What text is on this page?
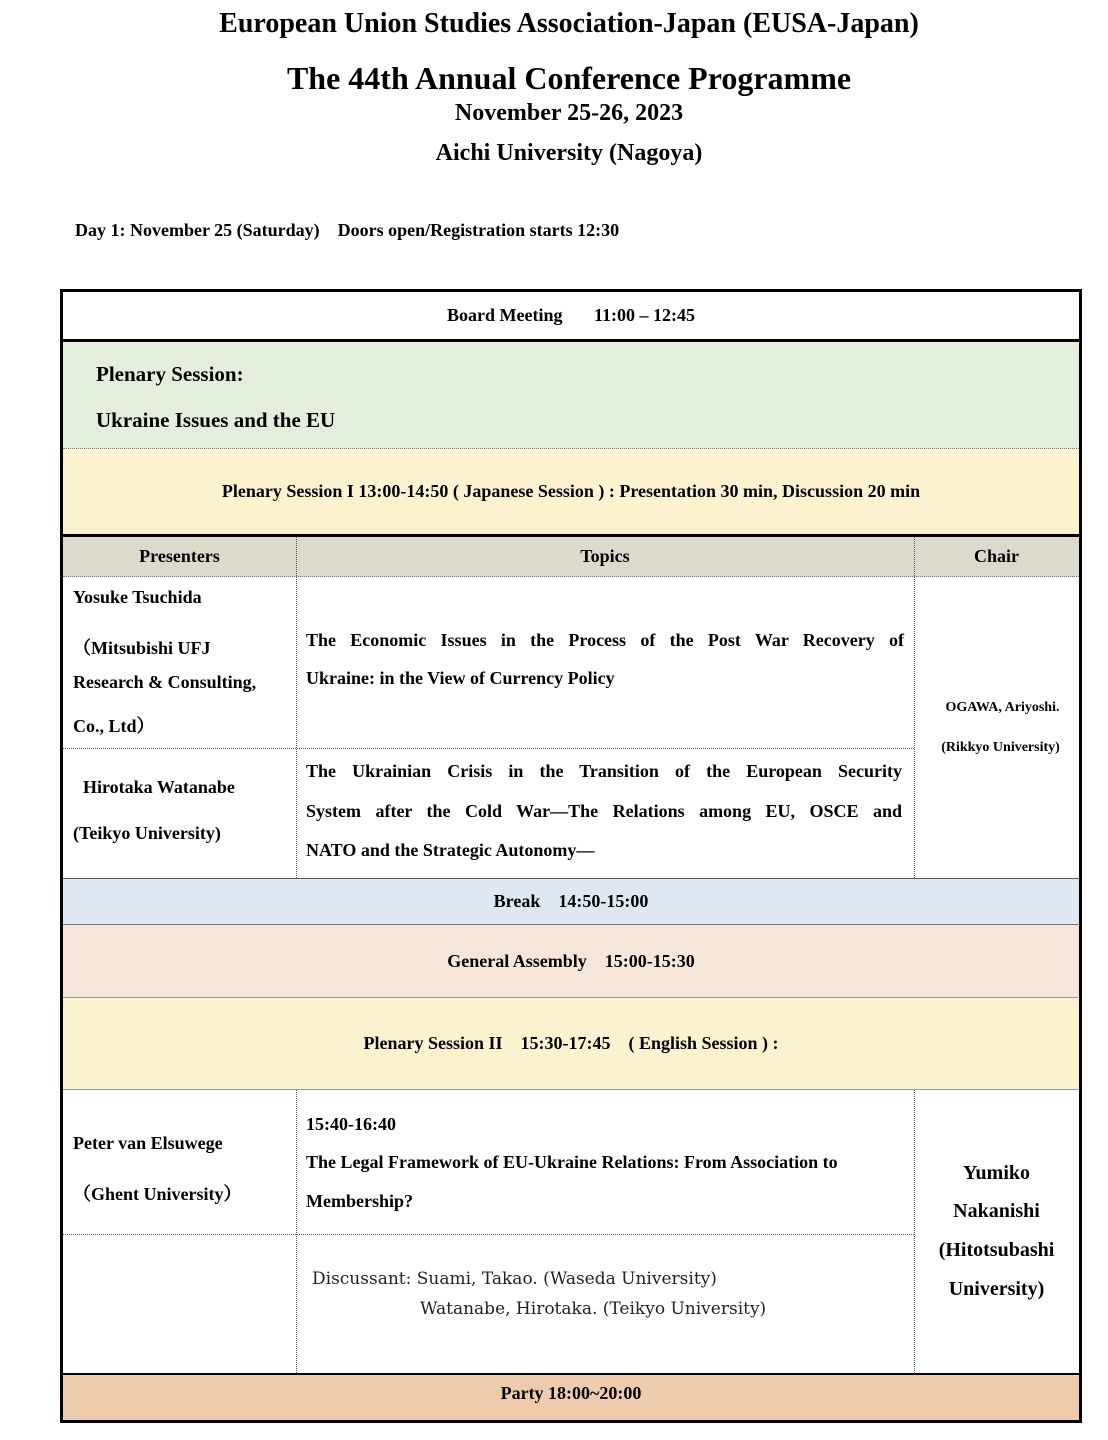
European Union Studies Association-Japan (EUSA-Japan)
The 44th Annual Conference Programme
November 25-26, 2023
Aichi University (Nagoya)
Day 1: November 25 (Saturday)    Doors open/Registration starts 12:30
Board Meeting       11:00 – 12:45
Plenary Session:
Ukraine Issues and the EU
Plenary Session I 13:00-14:50 ( Japanese Session ) : Presentation 30 min, Discussion 20 min
Presenters	Topics	Chair
Yosuke Tsuchida
（Mitsubishi UFJ
Research & Consulting,
Co., Ltd）
The Economic Issues in the Process of the Post War Recovery of
Ukraine: in the View of Currency Policy
Hirotaka Watanabe
(Teikyo University)
The Ukrainian Crisis in the Transition of the European Security
System after the Cold War—The Relations among EU, OSCE and
NATO and the Strategic Autonomy—
OGAWA, Ariyoshi.
(Rikkyo University)
Break    14:50-15:00
General Assembly    15:00-15:30
Plenary Session II    15:30-17:45    ( English Session ) :
Peter van Elsuwege
（Ghent University）
15:40-16:40
The Legal Framework of EU-Ukraine Relations: From Association to
Membership?
Discussant: Suami, Takao. (Waseda University)
Watanabe, Hirotaka. (Teikyo University)
Yumiko
Nakanishi
(Hitotsubashi
University)
Party 18:00~20:00
